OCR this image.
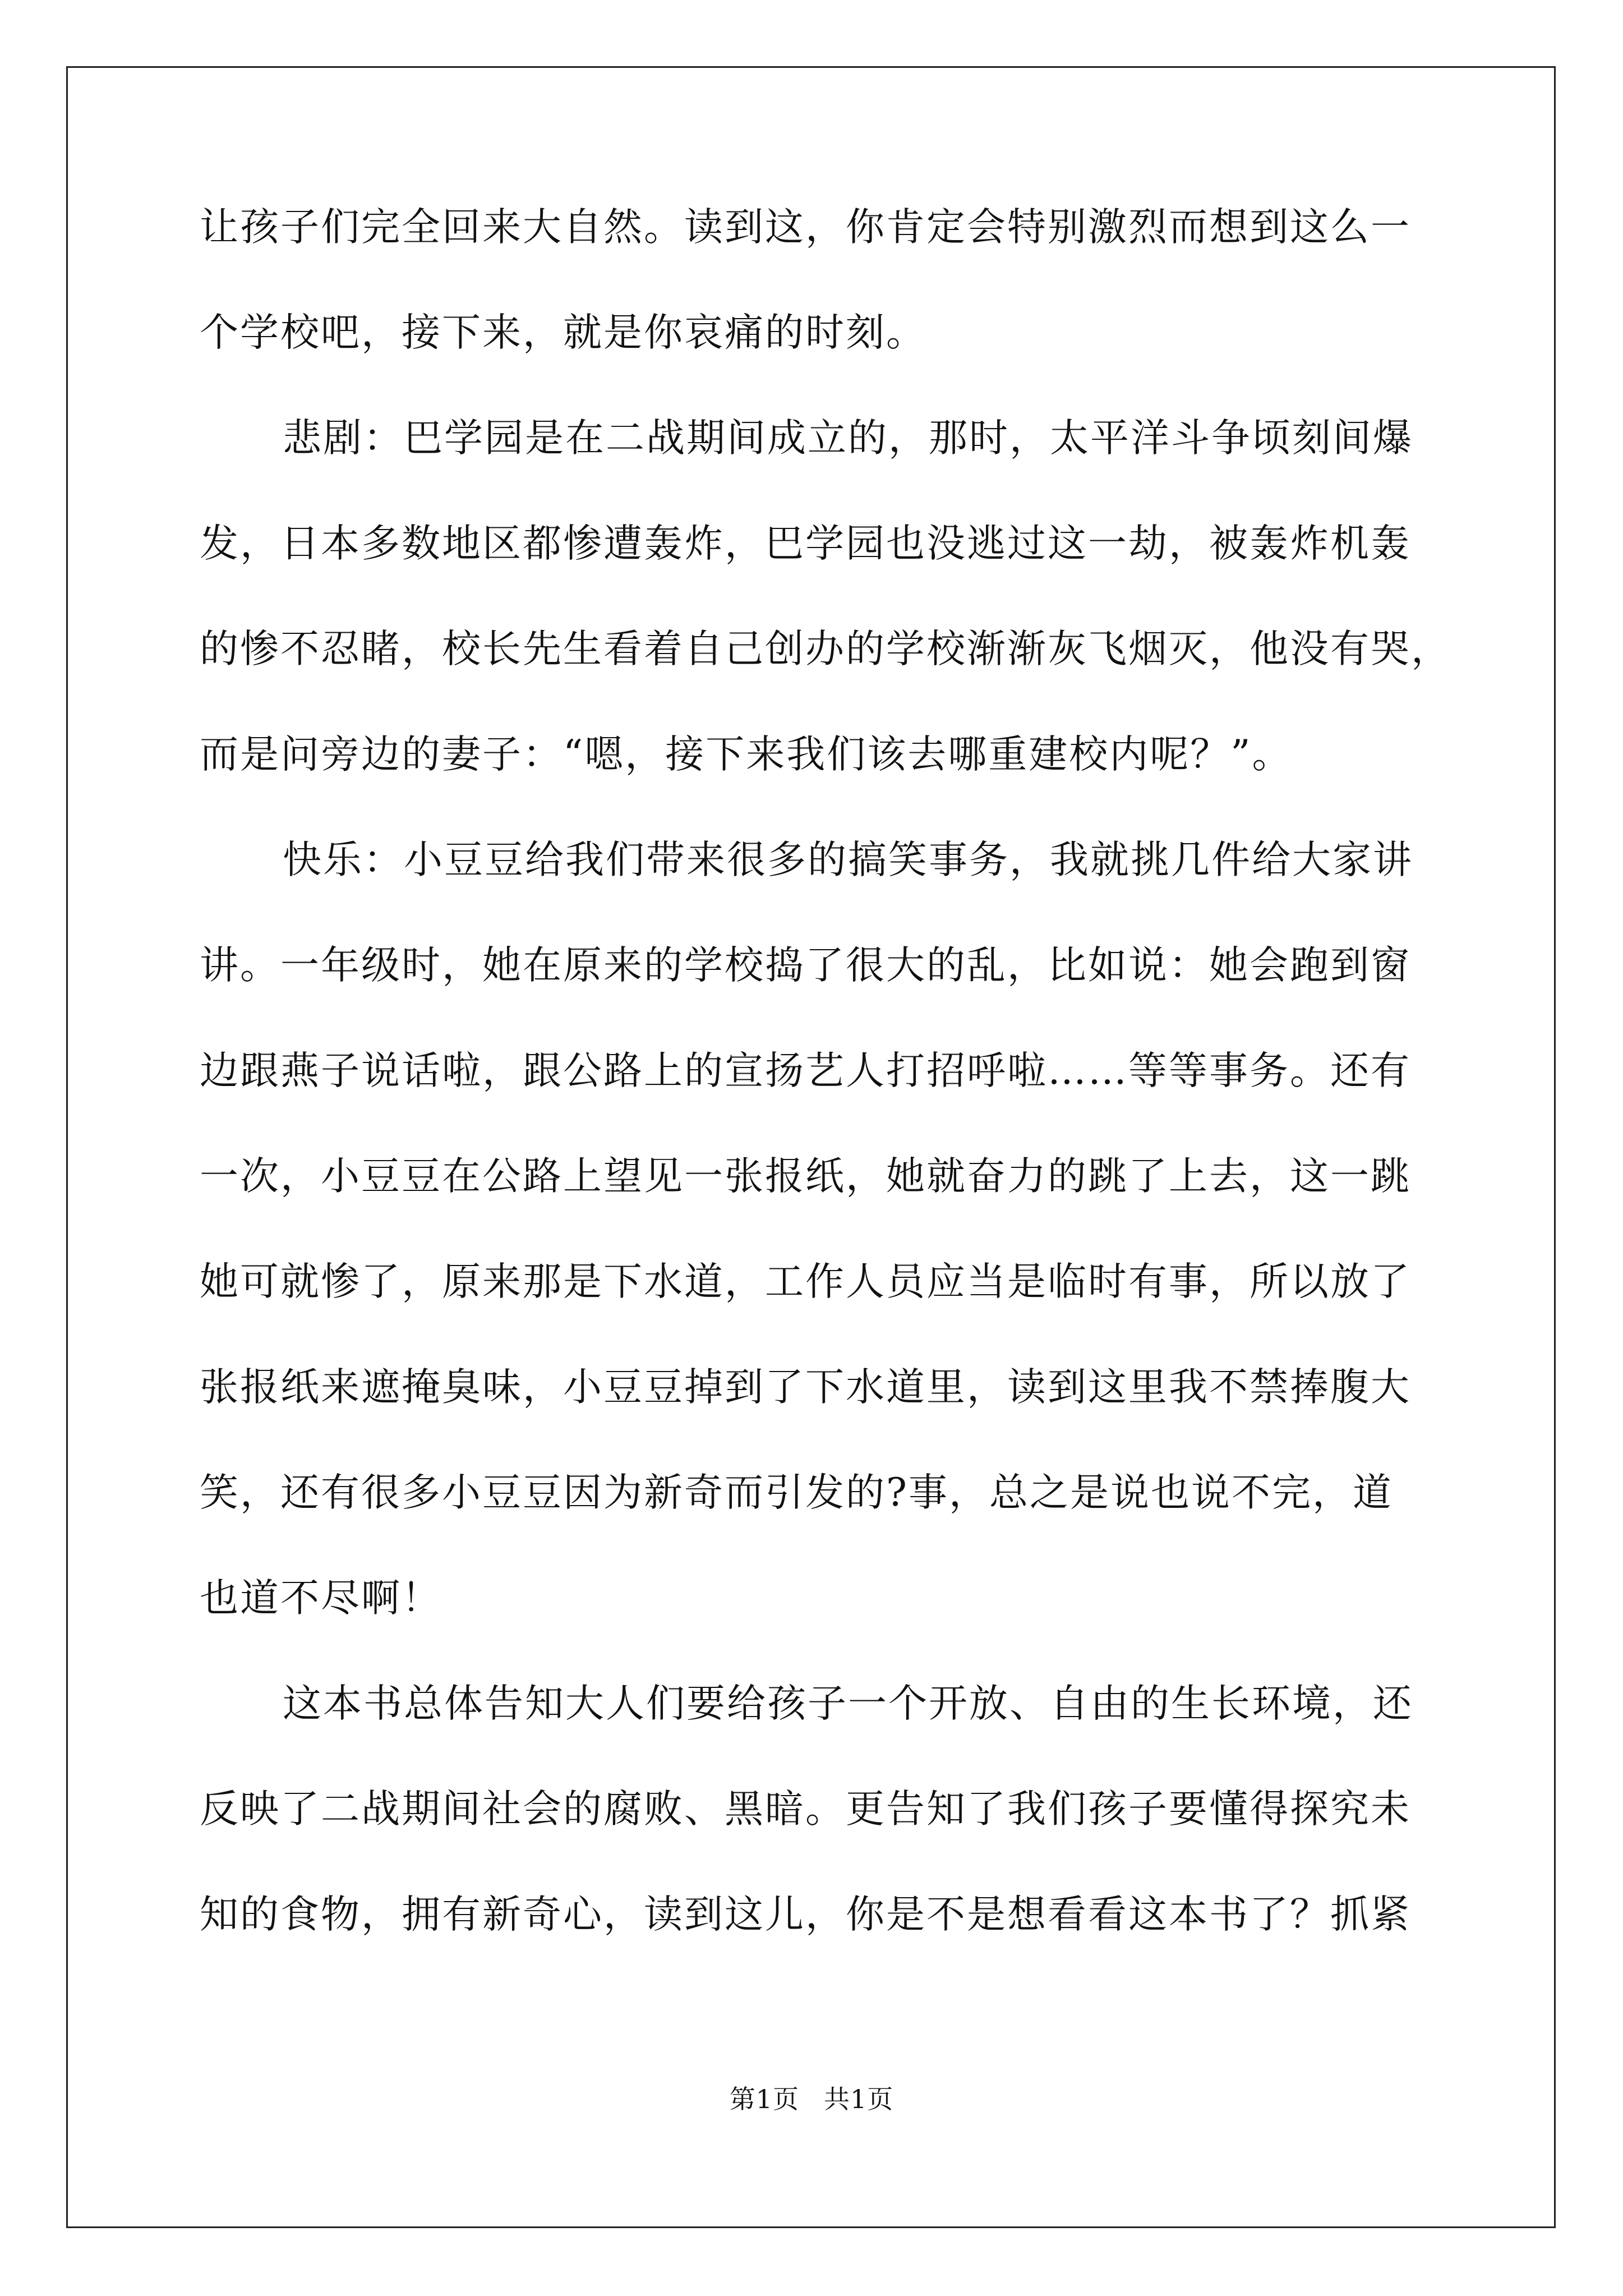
让孩子们完全回来大自然。读到这，你肯定会特别激烈而想到这么一
个学校吧，接下来，就是你哀痛的时刻。
悲剧：巴学园是在二战期间成立的，那时，太平洋斗争顷刻间爆
发，日本多数地区都惨遭轰炸，巴学园也没逃过这一劫，被轰炸机轰
的惨不忍睹，校长先生看着自己创办的学校渐渐灰飞烟灭，他没有哭，
而是问旁边的妻子：“嗯，接下来我们该去哪重建校内呢？”。
快乐：小豆豆给我们带来很多的搞笑事务，我就挑几件给大家讲
讲。一年级时，她在原来的学校捣了很大的乱，比如说：她会跑到窗
边跟燕子说话啦，跟公路上的宣扬艺人打招呼啦……等等事务。还有
一次，小豆豆在公路上望见一张报纸，她就奋力的跳了上去，这一跳
她可就惨了，原来那是下水道，工作人员应当是临时有事，所以放了
张报纸来遮掩臭味，小豆豆掉到了下水道里，读到这里我不禁捧腹大
笑，还有很多小豆豆因为新奇而引发的?事，总之是说也说不完，道
也道不尽啊！
这本书总体告知大人们要给孩子一个开放、自由的生长环境，还
反映了二战期间社会的腐败、黑暗。更告知了我们孩子要懂得探究未
知的食物，拥有新奇心，读到这儿，你是不是想看看这本书了？抓紧
第1页 共1页
